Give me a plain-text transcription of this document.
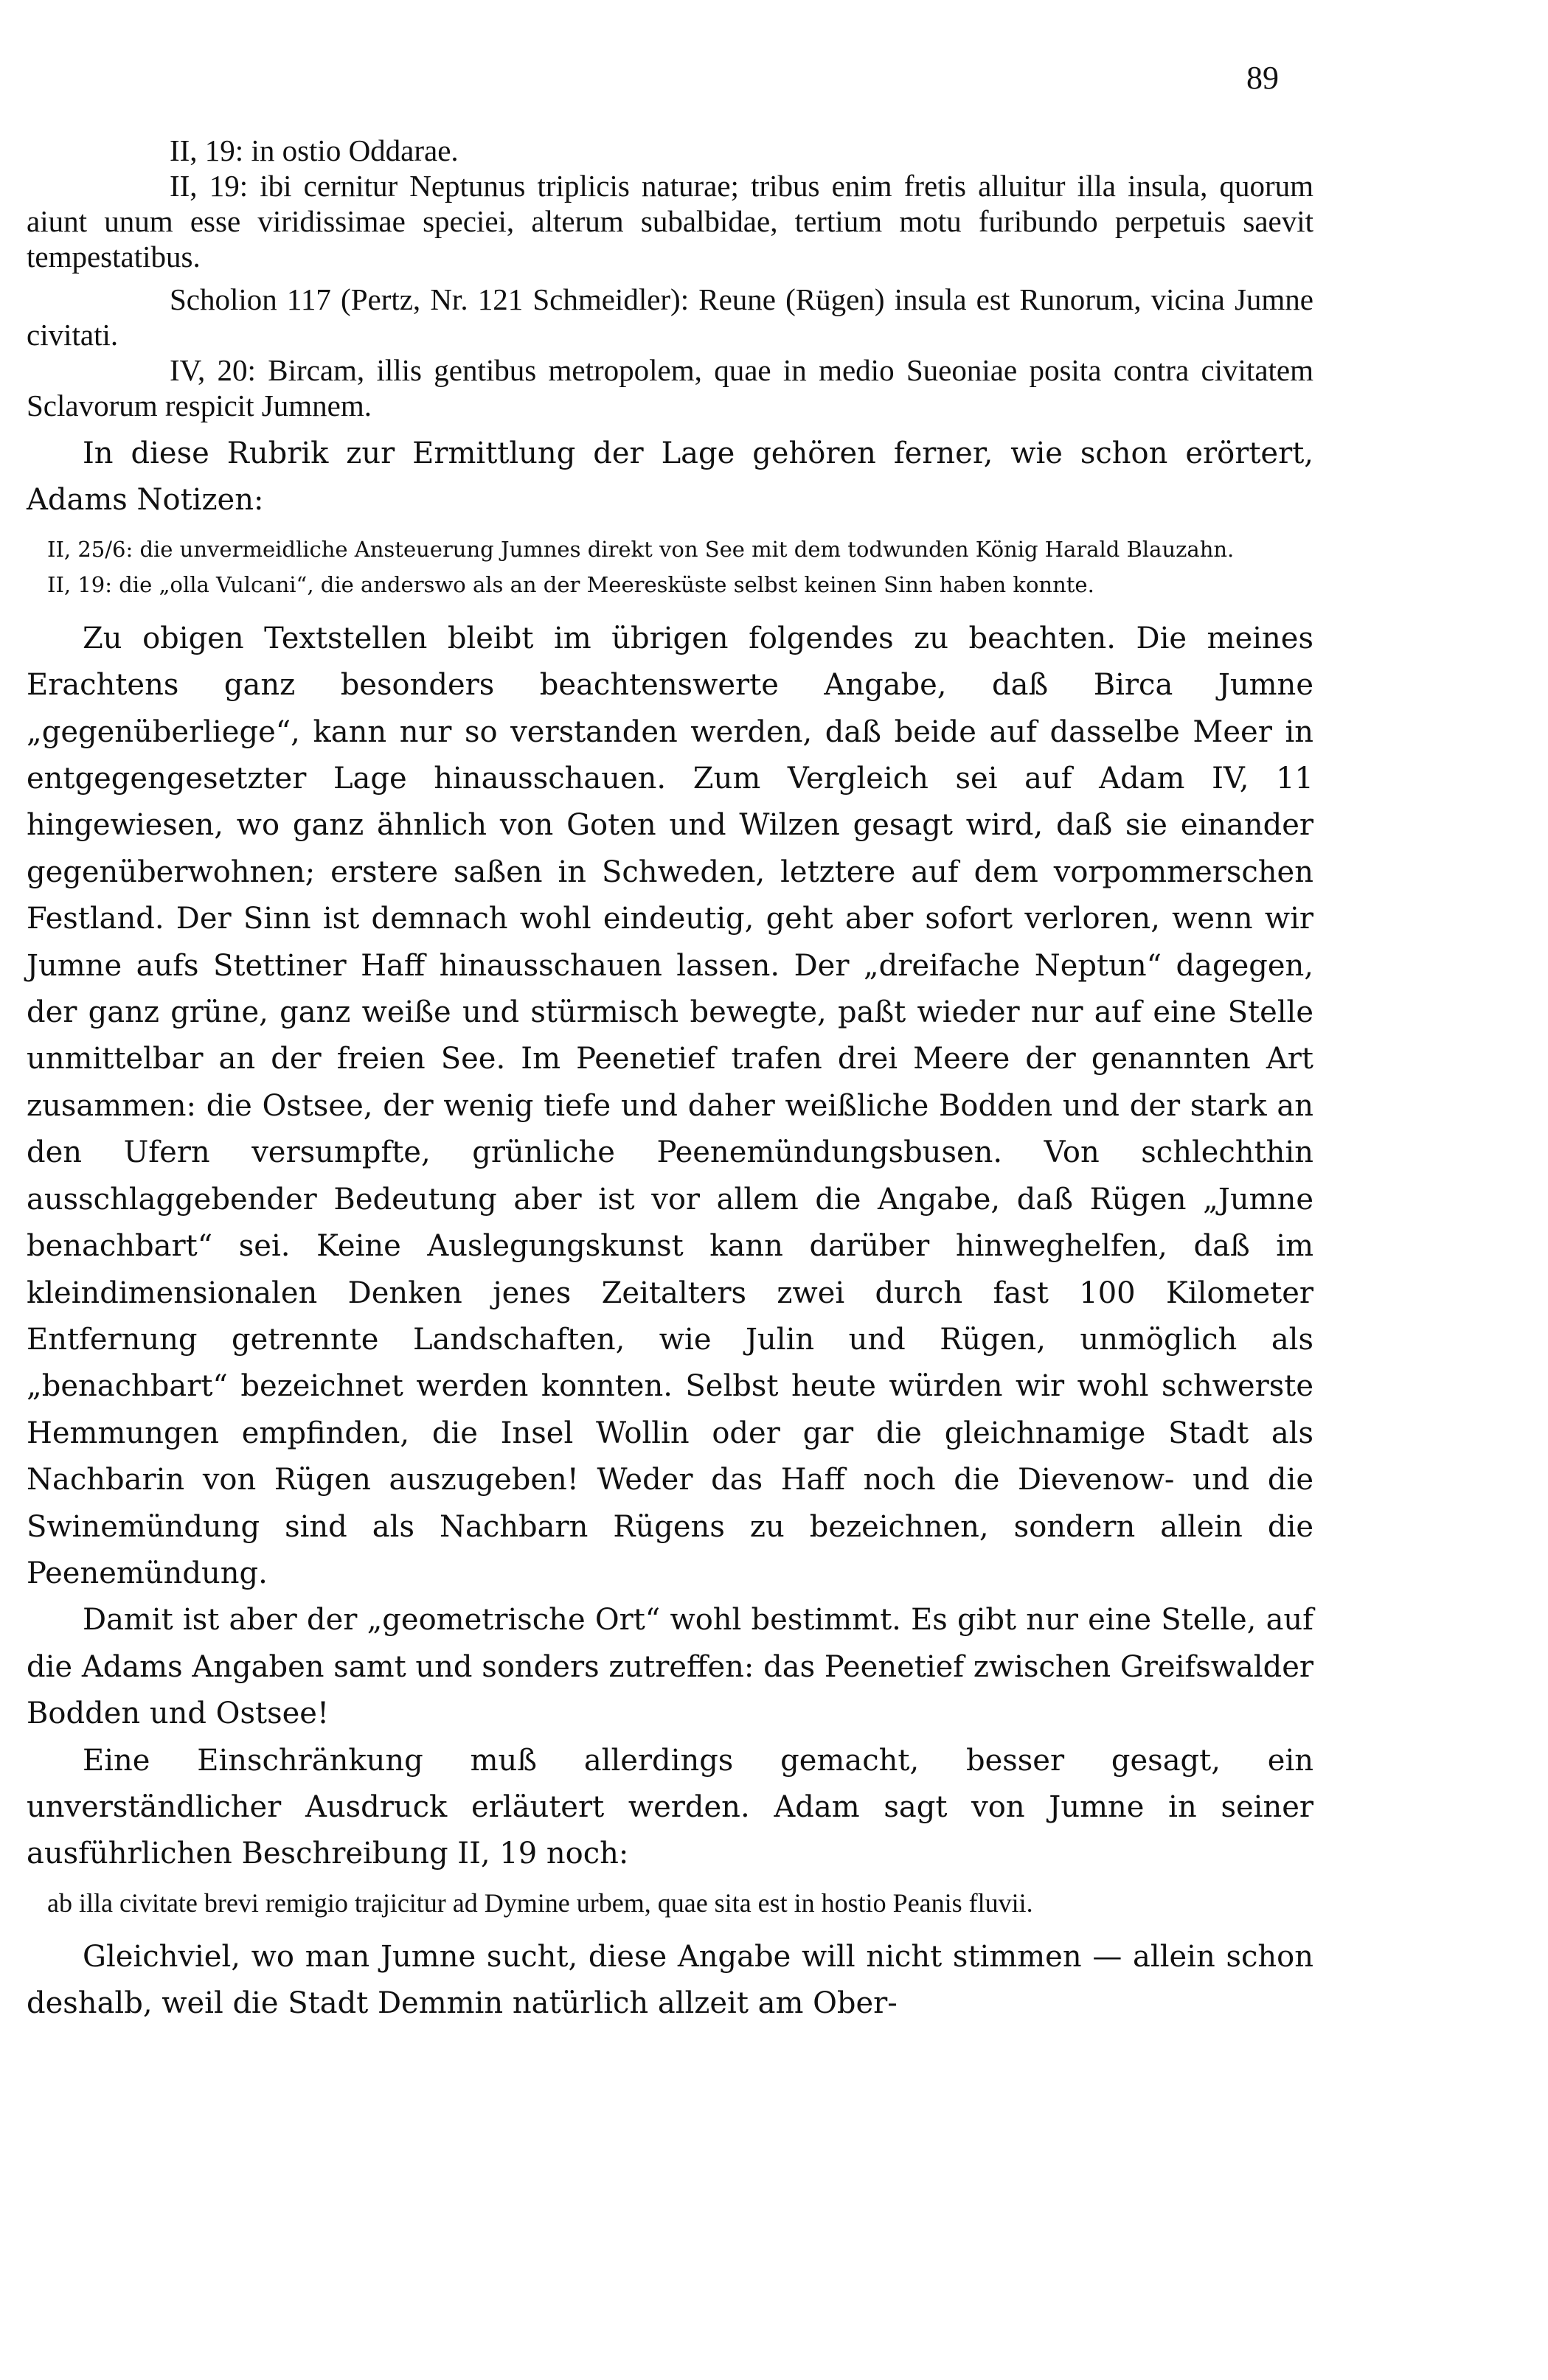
89

II, 19: in ostio Oddarae.

II, 19: ibi cernitur Neptunus triplicis naturae; tribus enim fretis alluitur illa insula, quorum aiunt unum esse viridissimae speciei, alterum subalbidae, tertium motu furibundo perpetuis saevit tempestatibus.

Scholion 117 (Pertz, Nr. 121 Schmeidler): Reune (Rügen) insula est Runorum, vicina Jumne civitati.

IV, 20: Bircam, illis gentibus metropolem, quae in medio Sueoniae posita contra civitatem Sclavorum respicit Jumnem.

In diese Rubrik zur Ermittlung der Lage gehören ferner, wie schon erörtert, Adams Notizen:

II, 25/6: die unvermeidliche Ansteuerung Jumnes direkt von See mit dem todwunden König Harald Blauzahn.

II, 19: die „olla Vulcani“, die anderswo als an der Meeresküste selbst keinen Sinn haben konnte.

Zu obigen Textstellen bleibt im übrigen folgendes zu beachten. Die meines Erachtens ganz besonders beachtenswerte Angabe, daß Birca Jumne „gegenüberliege“, kann nur so verstanden werden, daß beide auf dasselbe Meer in entgegengesetzter Lage hinausschauen. Zum Vergleich sei auf Adam IV, 11 hingewiesen, wo ganz ähnlich von Goten und Wilzen gesagt wird, daß sie einander gegenüberwohnen; erstere saßen in Schweden, letztere auf dem vorpommerschen Festland. Der Sinn ist demnach wohl eindeutig, geht aber sofort verloren, wenn wir Jumne aufs Stettiner Haff hinausschauen lassen. Der „dreifache Neptun“ dagegen, der ganz grüne, ganz weiße und stürmisch bewegte, paßt wieder nur auf eine Stelle unmittelbar an der freien See. Im Peenetief trafen drei Meere der genannten Art zusammen: die Ostsee, der wenig tiefe und daher weißliche Bodden und der stark an den Ufern versumpfte, grünliche Peenemündungsbusen. Von schlechthin ausschlaggebender Bedeutung aber ist vor allem die Angabe, daß Rügen „Jumne benachbart“ sei. Keine Auslegungskunst kann darüber hinweghelfen, daß im kleindimensionalen Denken jenes Zeitalters zwei durch fast 100 Kilometer Entfernung getrennte Landschaften, wie Julin und Rügen, unmöglich als „benachbart“ bezeichnet werden konnten. Selbst heute würden wir wohl schwerste Hemmungen empfinden, die Insel Wollin oder gar die gleichnamige Stadt als Nachbarin von Rügen auszugeben! Weder das Haff noch die Dievenow- und die Swinemündung sind als Nachbarn Rügens zu bezeichnen, sondern allein die Peenemündung.

Damit ist aber der „geometrische Ort“ wohl bestimmt. Es gibt nur eine Stelle, auf die Adams Angaben samt und sonders zutreffen: das Peenetief zwischen Greifswalder Bodden und Ostsee!

Eine Einschränkung muß allerdings gemacht, besser gesagt, ein unverständlicher Ausdruck erläutert werden. Adam sagt von Jumne in seiner ausführlichen Beschreibung II, 19 noch:

ab illa civitate brevi remigio trajicitur ad Dymine urbem, quae sita est in hostio Peanis fluvii.

Gleichviel, wo man Jumne sucht, diese Angabe will nicht stimmen — allein schon deshalb, weil die Stadt Demmin natürlich allzeit am Ober-
